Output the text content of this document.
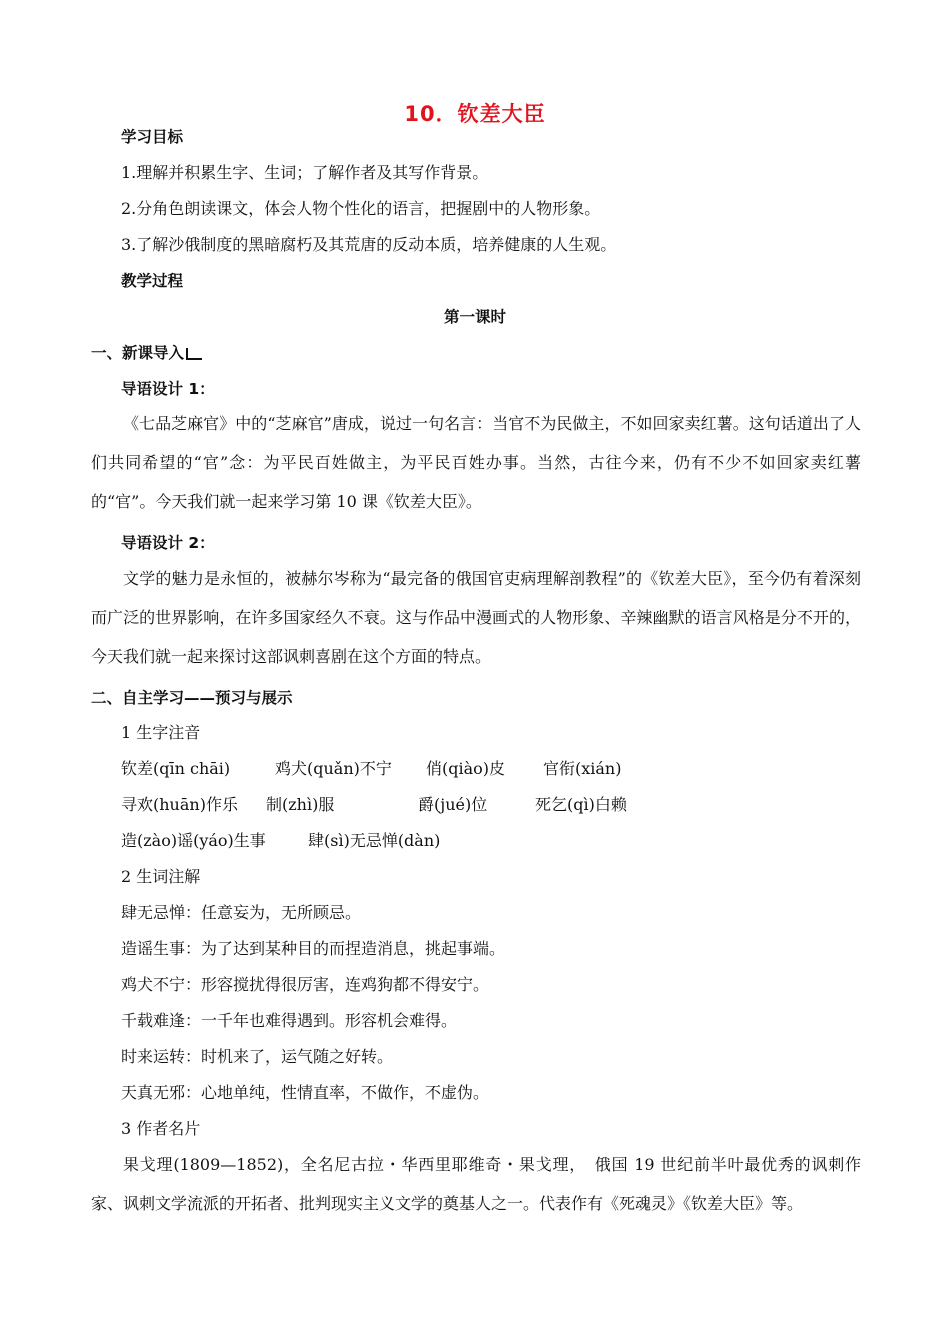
10．钦差大臣
学习目标
1.理解并积累生字、生词；了解作者及其写作背景。
2.分角色朗读课文，体会人物个性化的语言，把握剧中的人物形象。
3.了解沙俄制度的黑暗腐朽及其荒唐的反动本质，培养健康的人生观。
教学过程
第一课时
一、新课导入
导语设计 1：
《七品芝麻官》中的“芝麻官”唐成，说过一句名言：当官不为民做主，不如回家卖红薯。这句话道出了人们共同希望的“官”念：为平民百姓做主，为平民百姓办事。当然，古往今来，仍有不少不如回家卖红薯的“官”。今天我们就一起来学习第 10 课《钦差大臣》。
导语设计 2：
文学的魅力是永恒的，被赫尔岑称为“最完备的俄国官吏病理解剖教程”的《钦差大臣》，至今仍有着深刻而广泛的世界影响，在许多国家经久不衰。这与作品中漫画式的人物形象、辛辣幽默的语言风格是分不开的，今天我们就一起来探讨这部讽刺喜剧在这个方面的特点。
二、自主学习——预习与展示
1 生字注音
钦差(qīn chāi)	鸡犬(quǎn)不宁 俏(qiào)皮 官衔(xián)
寻欢(huān)作乐 制(zhì)服	爵(jué)位	死乞(qì)白赖
造(zào)谣(yáo)生事	肆(sì)无忌惮(dàn)
2 生词注解
肆无忌惮：任意妄为，无所顾忌。
造谣生事：为了达到某种目的而捏造消息，挑起事端。
鸡犬不宁：形容搅扰得很厉害，连鸡狗都不得安宁。
千载难逢：一千年也难得遇到。形容机会难得。
时来运转：时机来了，运气随之好转。
天真无邪：心地单纯，性情直率，不做作，不虚伪。
3 作者名片
果戈理(1809—1852)，全名尼古拉・华西里耶维奇・果戈理，　俄国 19 世纪前半叶最优秀的讽刺作家、讽刺文学流派的开拓者、批判现实主义文学的奠基人之一。代表作有《死魂灵》《钦差大臣》等。
